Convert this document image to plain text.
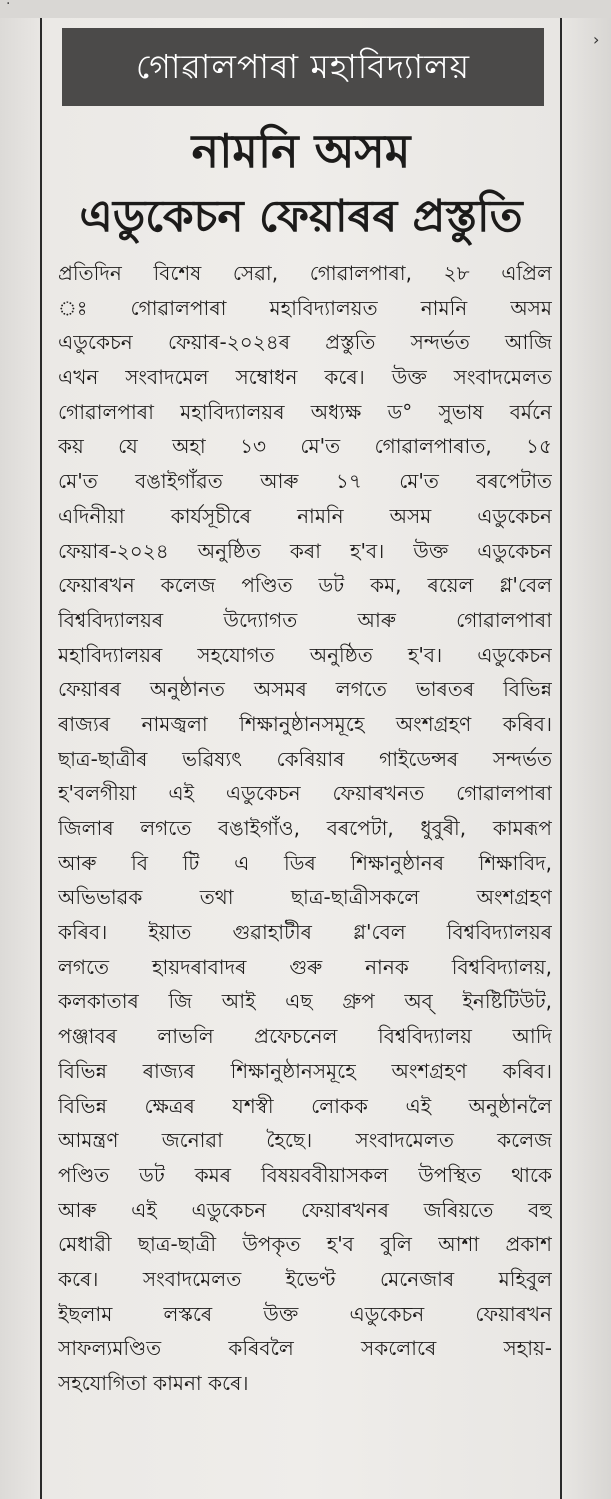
·
›
গোৱালপাৰা মহাবিদ্যালয়
নামনি অসম
এডুকেচন ফেয়াৰৰ প্ৰস্তুতি
প্ৰতিদিন বিশেষ সেৱা, গোৱালপাৰা, ২৮ এপ্ৰিল
ঃ গোৱালপাৰা মহাবিদ্যালয়ত নামনি অসম
এডুকেচন ফেয়াৰ-২০২৪ৰ প্ৰস্তুতি সন্দৰ্ভত আজি
এখন সংবাদমেল সম্বোধন কৰে। উক্ত সংবাদমেলত
গোৱালপাৰা মহাবিদ্যালয়ৰ অধ্যক্ষ ড° সুভাষ বৰ্মনে
কয় যে অহা ১৩ মে'ত গোৱালপাৰাত, ১৫
মে'ত বঙাইগাঁৱত আৰু ১৭ মে'ত বৰপেটাত
এদিনীয়া কাৰ্যসূচীৰে নামনি অসম এডুকেচন
ফেয়াৰ-২০২৪ অনুষ্ঠিত কৰা হ'ব। উক্ত এডুকেচন
ফেয়াৰখন কলেজ পণ্ডিত ডট কম, ৰয়েল গ্ল'বেল
বিশ্ববিদ্যালয়ৰ উদ্যোগত আৰু গোৱালপাৰা
মহাবিদ্যালয়ৰ সহযোগত অনুষ্ঠিত হ'ব। এডুকেচন
ফেয়াৰৰ অনুষ্ঠানত অসমৰ লগতে ভাৰতৰ বিভিন্ন
ৰাজ্যৰ নামজ্বলা শিক্ষানুষ্ঠানসমূহে অংশগ্ৰহণ কৰিব।
ছাত্ৰ-ছাত্ৰীৰ ভৱিষ্যৎ কেৰিয়াৰ গাইডেন্সৰ সন্দৰ্ভত
হ'বলগীয়া এই এডুকেচন ফেয়াৰখনত গোৱালপাৰা
জিলাৰ লগতে বঙাইগাঁও, বৰপেটা, ধুবুৰী, কামৰূপ
আৰু বি টি এ ডিৰ শিক্ষানুষ্ঠানৰ শিক্ষাবিদ,
অভিভাৱক তথা ছাত্ৰ-ছাত্ৰীসকলে অংশগ্ৰহণ
কৰিব। ইয়াত গুৱাহাটীৰ গ্ল'বেল বিশ্ববিদ্যালয়ৰ
লগতে হায়দৰাবাদৰ গুৰু নানক বিশ্ববিদ্যালয়,
কলকাতাৰ জি আই এছ গ্ৰুপ অব্ ইনষ্টিটিউট,
পঞ্জাবৰ লাভলি প্ৰফেচনেল বিশ্ববিদ্যালয় আদি
বিভিন্ন ৰাজ্যৰ শিক্ষানুষ্ঠানসমূহে অংশগ্ৰহণ কৰিব।
বিভিন্ন ক্ষেত্ৰৰ যশস্বী লোকক এই অনুষ্ঠানলৈ
আমন্ত্ৰণ জনোৱা হৈছে। সংবাদমেলত কলেজ
পণ্ডিত ডট কমৰ বিষয়ববীয়াসকল উপস্থিত থাকে
আৰু এই এডুকেচন ফেয়াৰখনৰ জৰিয়তে বহু
মেধাৱী ছাত্ৰ-ছাত্ৰী উপকৃত হ'ব বুলি আশা প্ৰকাশ
কৰে। সংবাদমেলত ইভেণ্ট মেনেজাৰ মহিবুল
ইছলাম লস্কৰে উক্ত এডুকেচন ফেয়াৰখন
সাফল্যমণ্ডিত কৰিবলৈ সকলোৰে সহায়-
সহযোগিতা কামনা কৰে।
